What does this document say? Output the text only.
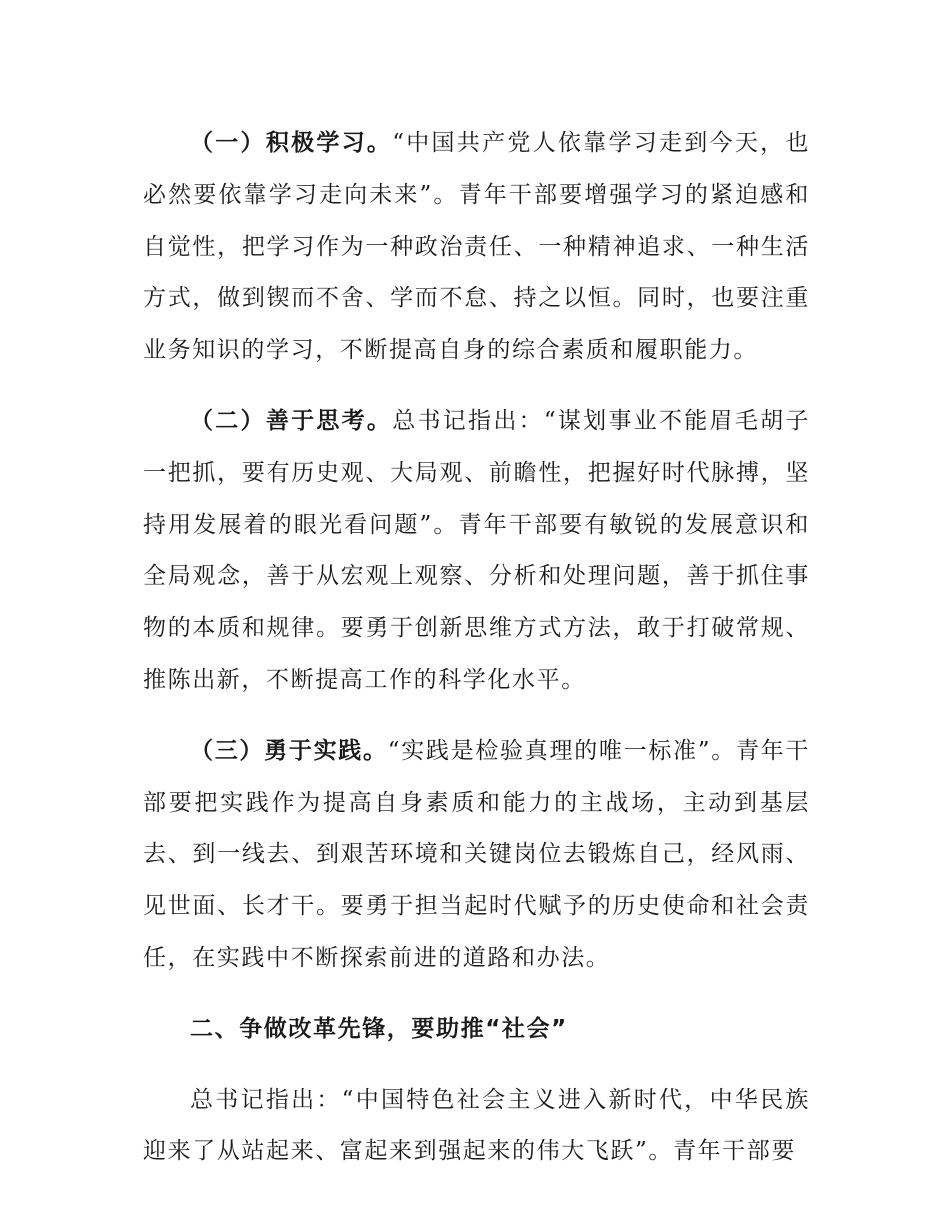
（一）积极学习。“中国共产党人依靠学习走到今天，也必然要依靠学习走向未来”。青年干部要增强学习的紧迫感和自觉性，把学习作为一种政治责任、一种精神追求、一种生活方式，做到锲而不舍、学而不怠、持之以恒。同时，也要注重业务知识的学习，不断提高自身的综合素质和履职能力。

（二）善于思考。总书记指出：“谋划事业不能眉毛胡子一把抓，要有历史观、大局观、前瞻性，把握好时代脉搏，坚持用发展着的眼光看问题”。青年干部要有敏锐的发展意识和全局观念，善于从宏观上观察、分析和处理问题，善于抓住事物的本质和规律。要勇于创新思维方式方法，敢于打破常规、推陈出新，不断提高工作的科学化水平。

（三）勇于实践。“实践是检验真理的唯一标准”。青年干部要把实践作为提高自身素质和能力的主战场，主动到基层去、到一线去、到艰苦环境和关键岗位去锻炼自己，经风雨、见世面、长才干。要勇于担当起时代赋予的历史使命和社会责任，在实践中不断探索前进的道路和办法。

二、争做改革先锋，要助推“社会”

总书记指出：“中国特色社会主义进入新时代，中华民族迎来了从站起来、富起来到强起来的伟大飞跃”。青年干部要
